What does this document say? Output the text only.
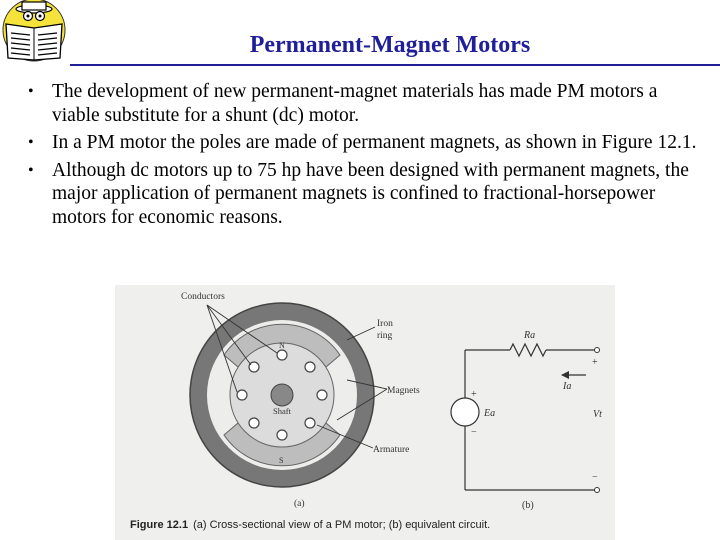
Permanent-Magnet Motors
• The development of new permanent-magnet materials has made PM motors a viable substitute for a shunt (dc) motor.
• In a PM motor the poles are made of permanent magnets, as shown in Figure 12.1.
• Although dc motors up to 75 hp have been designed with permanent magnets, the major application of permanent magnets is confined to fractional-horsepower motors for economic reasons.
Conductors
Iron
ring
Magnets
Shaft
Armature
N
S
(a)
Ra
Ia
Ea	Vt
+
−
+
−
(b)
Figure 12.1 (a) Cross-sectional view of a PM motor; (b) equivalent circuit.
